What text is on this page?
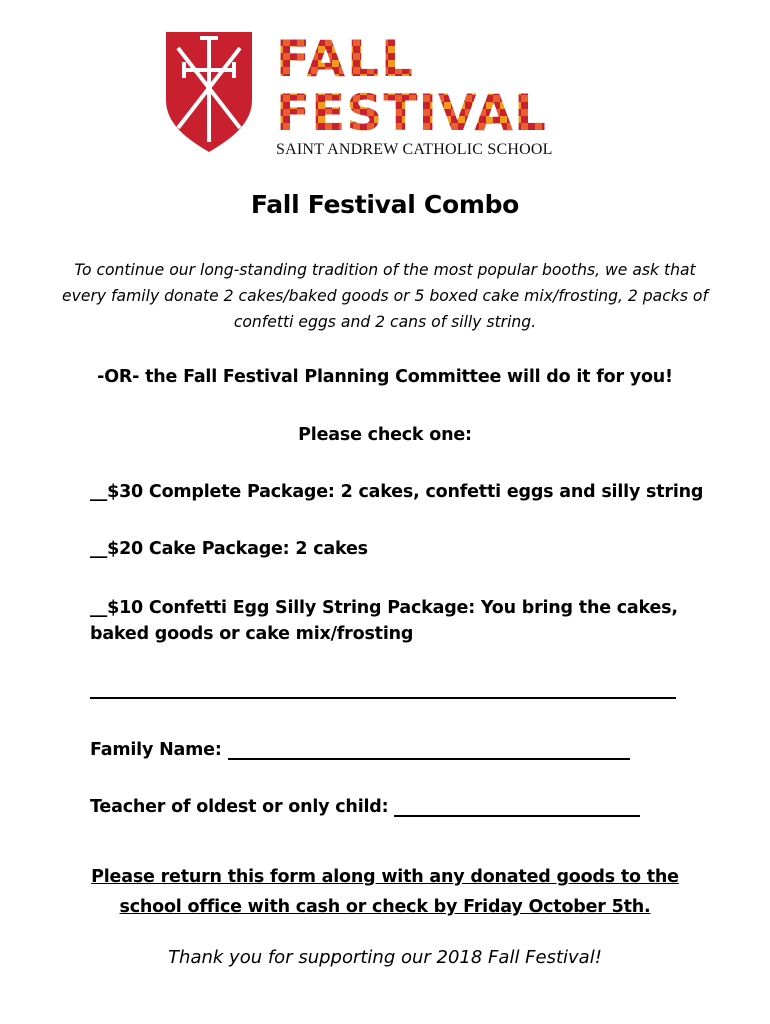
FALL
FESTIVAL
SAINT ANDREW CATHOLIC SCHOOL
Fall Festival Combo
To continue our long-standing tradition of the most popular booths, we ask that every family donate 2 cakes/baked goods or 5 boxed cake mix/frosting, 2 packs of confetti eggs and 2 cans of silly string.
-OR- the Fall Festival Planning Committee will do it for you!
Please check one:
__$30 Complete Package: 2 cakes, confetti eggs and silly string
__$20 Cake Package: 2 cakes
__$10 Confetti Egg Silly String Package: You bring the cakes, baked goods or cake mix/frosting
Family Name:
Teacher of oldest or only child:
Please return this form along with any donated goods to the school office with cash or check by Friday October 5th.
Thank you for supporting our 2018 Fall Festival!
